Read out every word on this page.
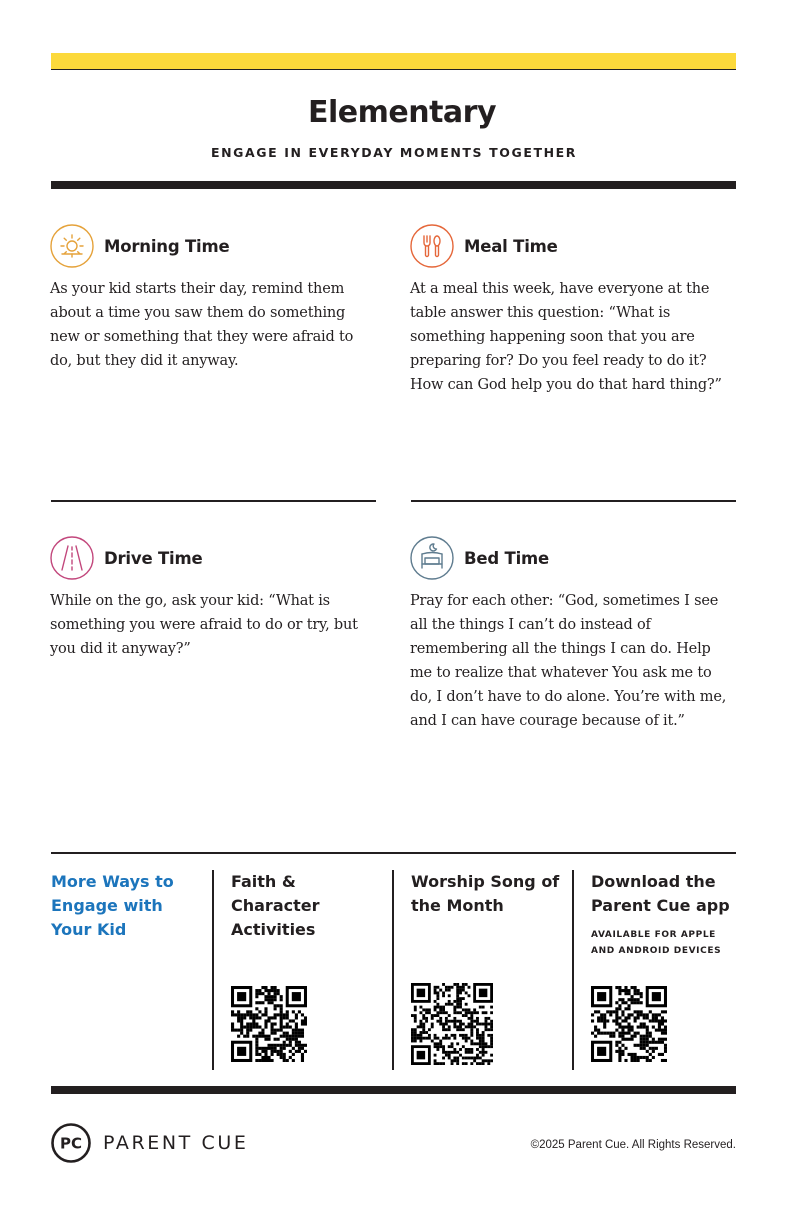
Elementary
ENGAGE IN EVERYDAY MOMENTS TOGETHER
Morning Time

As your kid starts their day, remind them about a time you saw them do something new or something that they were afraid to do, but they did it anyway.

Meal Time

At a meal this week, have everyone at the table answer this question: “What is something happening soon that you are preparing for? Do you feel ready to do it? How can God help you do that hard thing?”

Drive Time

While on the go, ask your kid: “What is something you were afraid to do or try, but you did it anyway?”

Bed Time

Pray for each other: “God, sometimes I see all the things I can’t do instead of remembering all the things I can do. Help me to realize that whatever You ask me to do, I don’t have to do alone. You’re with me, and I can have courage because of it.”

More Ways to Engage with Your Kid
Faith & Character Activities
Worship Song of the Month
Download the Parent Cue app
AVAILABLE FOR APPLE AND ANDROID DEVICES
PC PARENT CUE	©2025 Parent Cue. All Rights Reserved.
